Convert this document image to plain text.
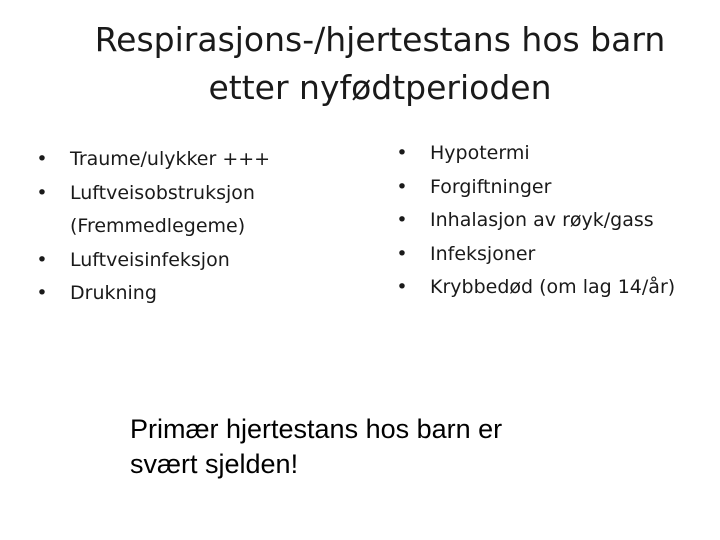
Respirasjons-/hjertestans hos barn
etter nyfødtperioden
• Traume/ulykker +++
• Luftveisobstruksjon (Fremmedlegeme)
• Luftveisinfeksjon
• Drukning
• Hypotermi
• Forgiftninger
• Inhalasjon av røyk/gass
• Infeksjoner
• Krybbedød (om lag 14/år)
Primær hjertestans hos barn er
svært sjelden!
